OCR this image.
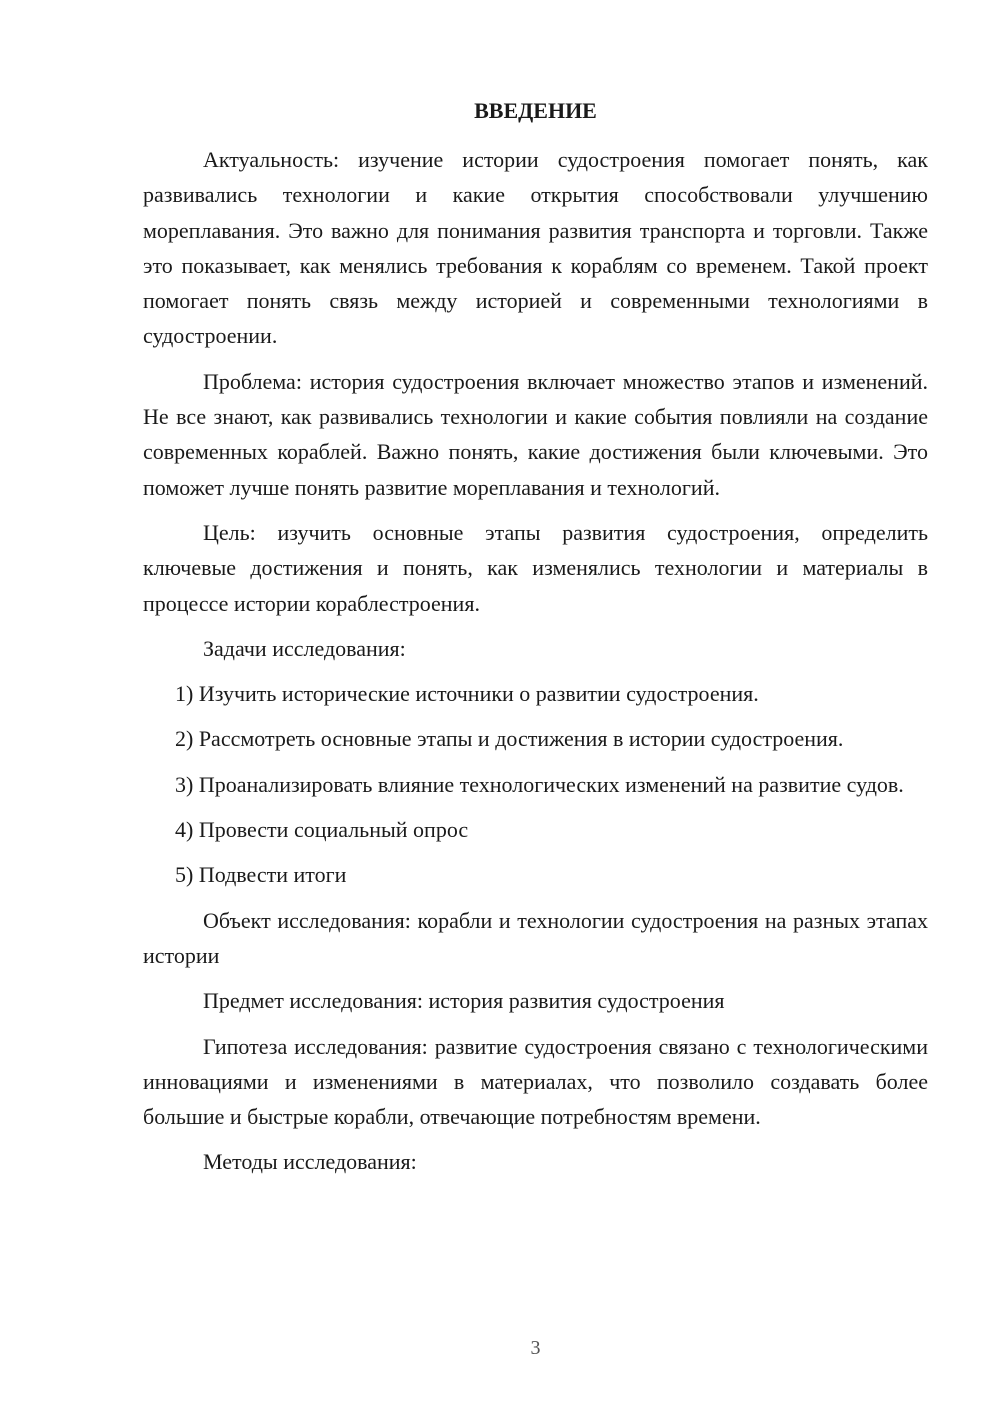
ВВЕДЕНИЕ

Актуальность: изучение истории судостроения помогает понять, как развивались технологии и какие открытия способствовали улучшению мореплавания. Это важно для понимания развития транспорта и торговли. Также это показывает, как менялись требования к кораблям со временем. Такой проект помогает понять связь между историей и современными технологиями в судостроении.

Проблема: история судостроения включает множество этапов и изменений. Не все знают, как развивались технологии и какие события повлияли на создание современных кораблей. Важно понять, какие достижения были ключевыми. Это поможет лучше понять развитие мореплавания и технологий.

Цель: изучить основные этапы развития судостроения, определить ключевые достижения и понять, как изменялись технологии и материалы в процессе истории кораблестроения.

Задачи исследования:

1) Изучить исторические источники о развитии судостроения.

2) Рассмотреть основные этапы и достижения в истории судостроения.

3) Проанализировать влияние технологических изменений на развитие судов.

4) Провести социальный опрос

5) Подвести итоги

Объект исследования: корабли и технологии судостроения на разных этапах истории

Предмет исследования: история развития судостроения

Гипотеза исследования: развитие судостроения связано с технологическими инновациями и изменениями в материалах, что позволило создавать более большие и быстрые корабли, отвечающие потребностям времени.

Методы исследования:

3
